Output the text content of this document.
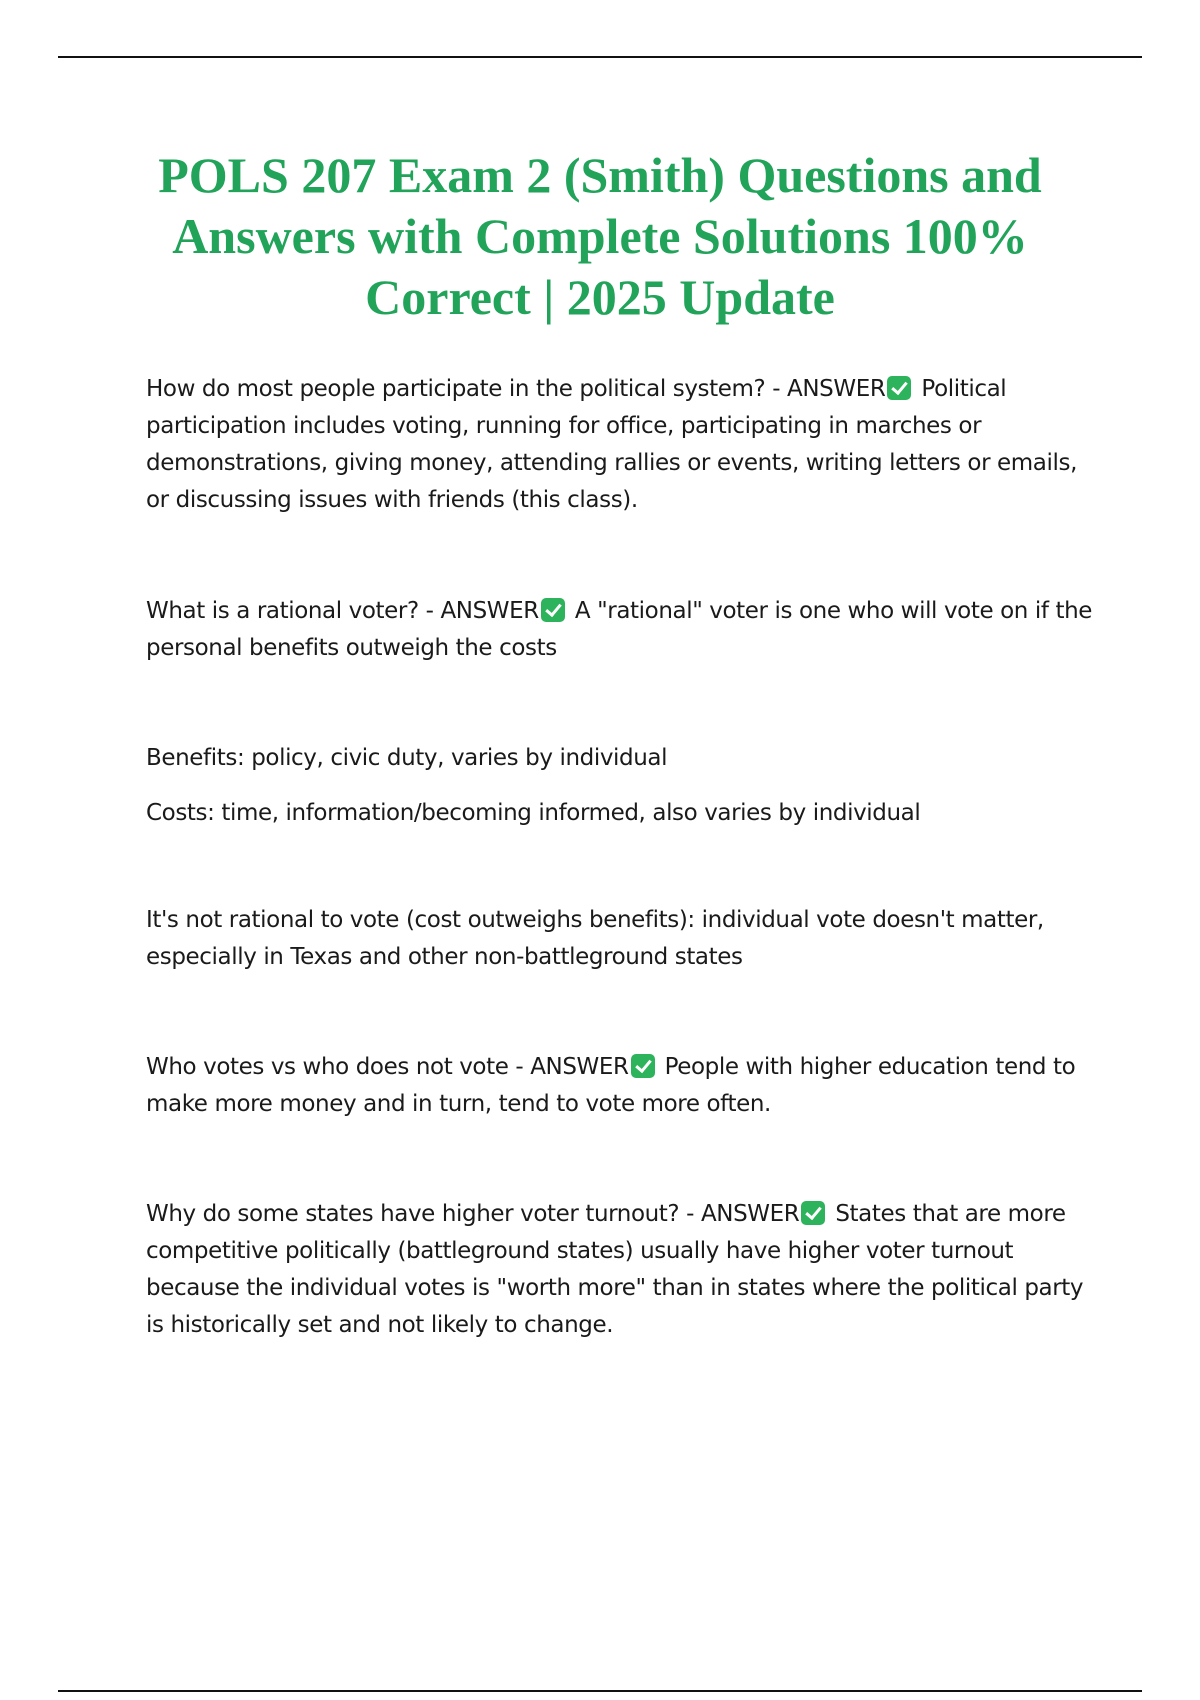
POLS 207 Exam 2 (Smith) Questions and Answers with Complete Solutions 100% Correct | 2025 Update

How do most people participate in the political system? - ANSWER Political participation includes voting, running for office, participating in marches or demonstrations, giving money, attending rallies or events, writing letters or emails, or discussing issues with friends (this class).

What is a rational voter? - ANSWER A "rational" voter is one who will vote on if the personal benefits outweigh the costs

Benefits: policy, civic duty, varies by individual

Costs: time, information/becoming informed, also varies by individual

It's not rational to vote (cost outweighs benefits): individual vote doesn't matter, especially in Texas and other non-battleground states

Who votes vs who does not vote - ANSWER People with higher education tend to make more money and in turn, tend to vote more often.

Why do some states have higher voter turnout? - ANSWER States that are more competitive politically (battleground states) usually have higher voter turnout because the individual votes is "worth more" than in states where the political party is historically set and not likely to change.
